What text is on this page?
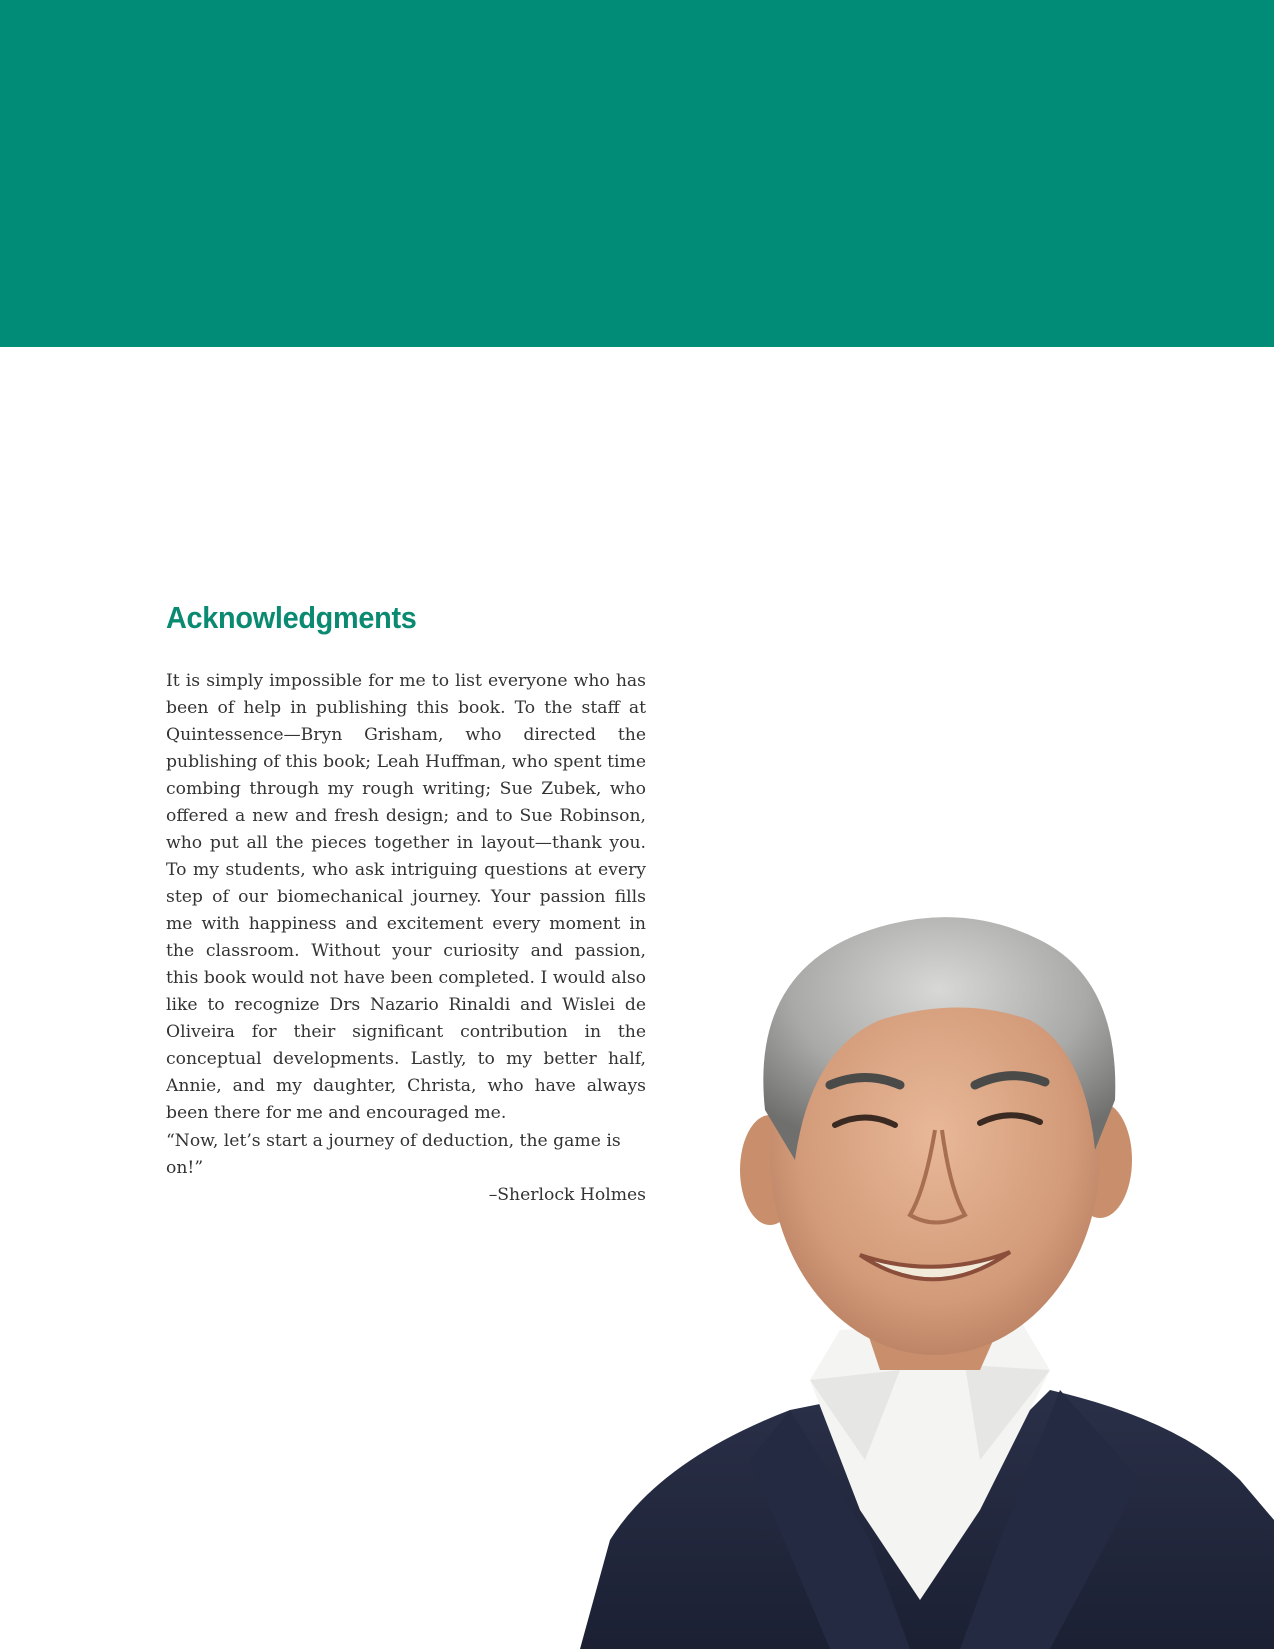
Acknowledgments

It is simply impossible for me to list everyone who has been of help in publishing this book. To the staff at Quintessence—Bryn Grisham, who directed the publishing of this book; Leah Huffman, who spent time combing through my rough writing; Sue Zubek, who offered a new and fresh design; and to Sue Robinson, who put all the pieces together in layout—thank you. To my students, who ask intriguing questions at every step of our biomechanical journey. Your passion fills me with happiness and excitement every moment in the classroom. Without your curiosity and passion, this book would not have been completed. I would also like to recognize Drs Nazario Rinaldi and Wislei de Oliveira for their significant contribution in the conceptual developments. Lastly, to my better half, Annie, and my daughter, Christa, who have always been there for me and encouraged me.

“Now, let’s start a journey of deduction, the game is on!”
–Sherlock Holmes
